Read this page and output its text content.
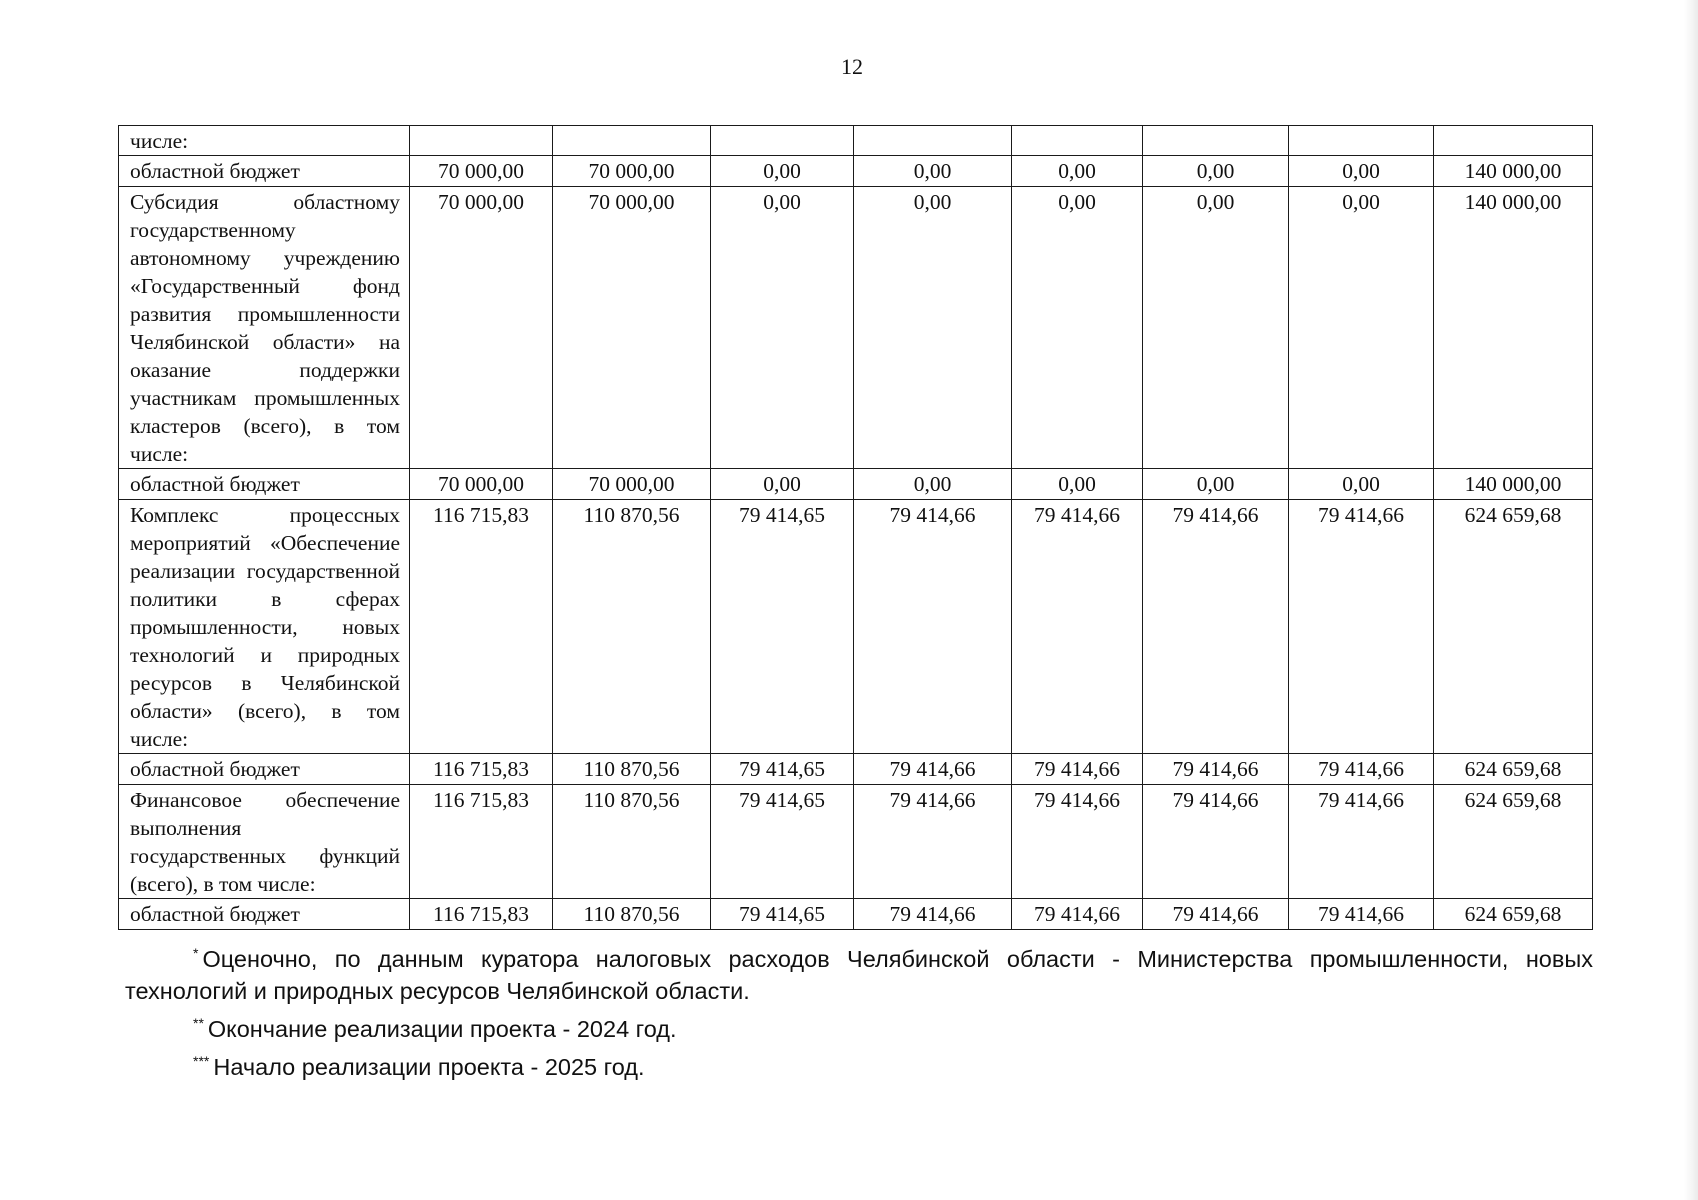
12
числе:								
областной бюджет	70 000,00	70 000,00	0,00	0,00	0,00	0,00	0,00	140 000,00
Субсидия областному государственному автономному учреждению «Государственный фонд развития промышленности Челябинской области» на оказание поддержки участникам промышленных кластеров (всего), в том числе:	70 000,00	70 000,00	0,00	0,00	0,00	0,00	0,00	140 000,00
областной бюджет	70 000,00	70 000,00	0,00	0,00	0,00	0,00	0,00	140 000,00
Комплекс процессных мероприятий «Обеспечение реализации государственной политики в сферах промышленности, новых технологий и природных ресурсов в Челябинской области» (всего), в том числе:	116 715,83	110 870,56	79 414,65	79 414,66	79 414,66	79 414,66	79 414,66	624 659,68
областной бюджет	116 715,83	110 870,56	79 414,65	79 414,66	79 414,66	79 414,66	79 414,66	624 659,68
Финансовое обеспечение выполнения государственных функций (всего), в том числе:	116 715,83	110 870,56	79 414,65	79 414,66	79 414,66	79 414,66	79 414,66	624 659,68
областной бюджет	116 715,83	110 870,56	79 414,65	79 414,66	79 414,66	79 414,66	79 414,66	624 659,68

* Оценочно, по данным куратора налоговых расходов Челябинской области - Министерства промышленности, новых технологий и природных ресурсов Челябинской области.

** Окончание реализации проекта - 2024 год.

*** Начало реализации проекта - 2025 год.
